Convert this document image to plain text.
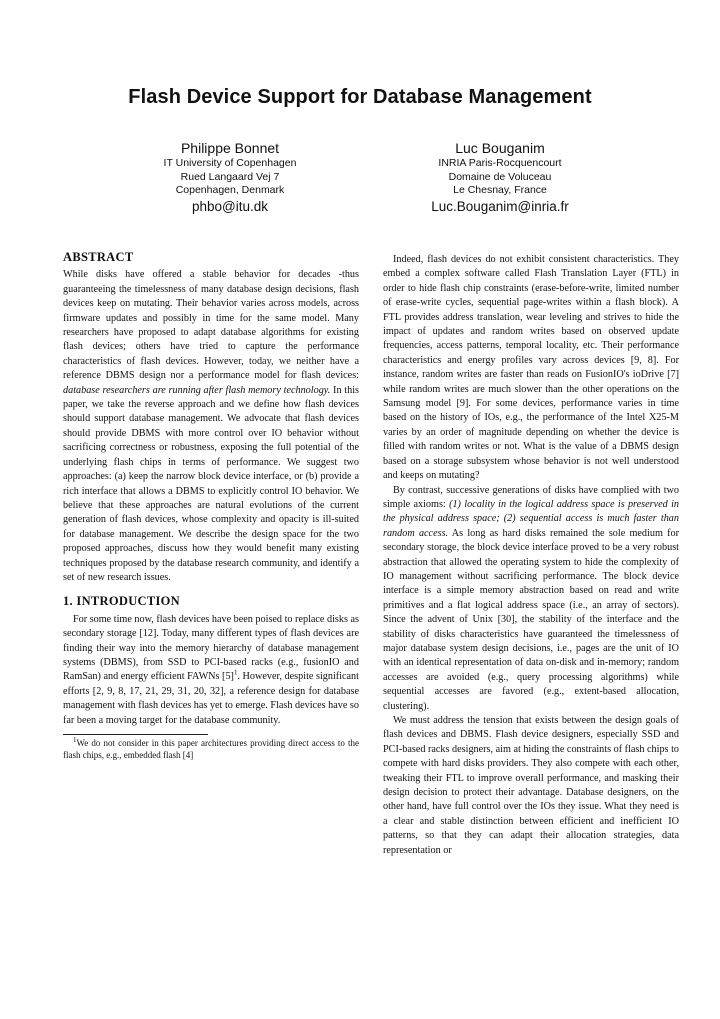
Flash Device Support for Database Management
Philippe Bonnet
IT University of Copenhagen
Rued Langaard Vej 7
Copenhagen, Denmark
phbo@itu.dk
Luc Bouganim
INRIA Paris-Rocquencourt
Domaine de Voluceau
Le Chesnay, France
Luc.Bouganim@inria.fr
ABSTRACT

While disks have offered a stable behavior for decades -thus guaranteeing the timelessness of many database design decisions, flash devices keep on mutating. Their behavior varies across models, across firmware updates and possibly in time for the same model. Many researchers have proposed to adapt database algorithms for existing flash devices; others have tried to capture the performance characteristics of flash devices. However, today, we neither have a reference DBMS design nor a performance model for flash devices: database researchers are running after flash memory technology. In this paper, we take the reverse approach and we define how flash devices should support database management. We advocate that flash devices should provide DBMS with more control over IO behavior without sacrificing correctness or robustness, exposing the full potential of the underlying flash chips in terms of performance. We suggest two approaches: (a) keep the narrow block device interface, or (b) provide a rich interface that allows a DBMS to explicitly control IO behavior. We believe that these approaches are natural evolutions of the current generation of flash devices, whose complexity and opacity is ill-suited for database management. We describe the design space for the two proposed approaches, discuss how they would benefit many existing techniques proposed by the database research community, and identify a set of new research issues.

1. INTRODUCTION

For some time now, flash devices have been poised to replace disks as secondary storage [12]. Today, many different types of flash devices are finding their way into the memory hierarchy of database management systems (DBMS), from SSD to PCI-based racks (e.g., fusionIO and RamSan) and energy efficient FAWNs $[5]^1$. However, despite significant efforts [2, 9, 8, 17, 21, 29, 31, 20, 32], a reference design for database management with flash devices has yet to emerge. Flash devices have so far been a moving target for the database community.

$^1$We do not consider in this paper architectures providing direct access to the flash chips, e.g., embedded flash [4]

Indeed, flash devices do not exhibit consistent characteristics. They embed a complex software called Flash Translation Layer (FTL) in order to hide flash chip constraints (erase-before-write, limited number of erase-write cycles, sequential page-writes within a flash block). A FTL provides address translation, wear leveling and strives to hide the impact of updates and random writes based on observed update frequencies, access patterns, temporal locality, etc. Their performance characteristics and energy profiles vary across devices [9, 8]. For instance, random writes are faster than reads on FusionIO's ioDrive [7] while random writes are much slower than the other operations on the Samsung model [9]. For some devices, performance varies in time based on the history of IOs, e.g., the performance of the Intel X25-M varies by an order of magnitude depending on whether the device is filled with random writes or not. What is the value of a DBMS design based on a storage subsystem whose behavior is not well understood and keeps on mutating?

By contrast, successive generations of disks have complied with two simple axioms: (1) locality in the logical address space is preserved in the physical address space; (2) sequential access is much faster than random access. As long as hard disks remained the sole medium for secondary storage, the block device interface proved to be a very robust abstraction that allowed the operating system to hide the complexity of IO management without sacrificing performance. The block device interface is a simple memory abstraction based on read and write primitives and a flat logical address space (i.e., an array of sectors). Since the advent of Unix [30], the stability of the interface and the stability of disks characteristics have guaranteed the timelessness of major database system design decisions, i.e., pages are the unit of IO with an identical representation of data on-disk and in-memory; random accesses are avoided (e.g., query processing algorithms) while sequential accesses are favored (e.g., extent-based allocation, clustering).

We must address the tension that exists between the design goals of flash devices and DBMS. Flash device designers, especially SSD and PCI-based racks designers, aim at hiding the constraints of flash chips to compete with hard disks providers. They also compete with each other, tweaking their FTL to improve overall performance, and masking their design decision to protect their advantage. Database designers, on the other hand, have full control over the IOs they issue. What they need is a clear and stable distinction between efficient and inefficient IO patterns, so that they can adapt their allocation strategies, data representation or
